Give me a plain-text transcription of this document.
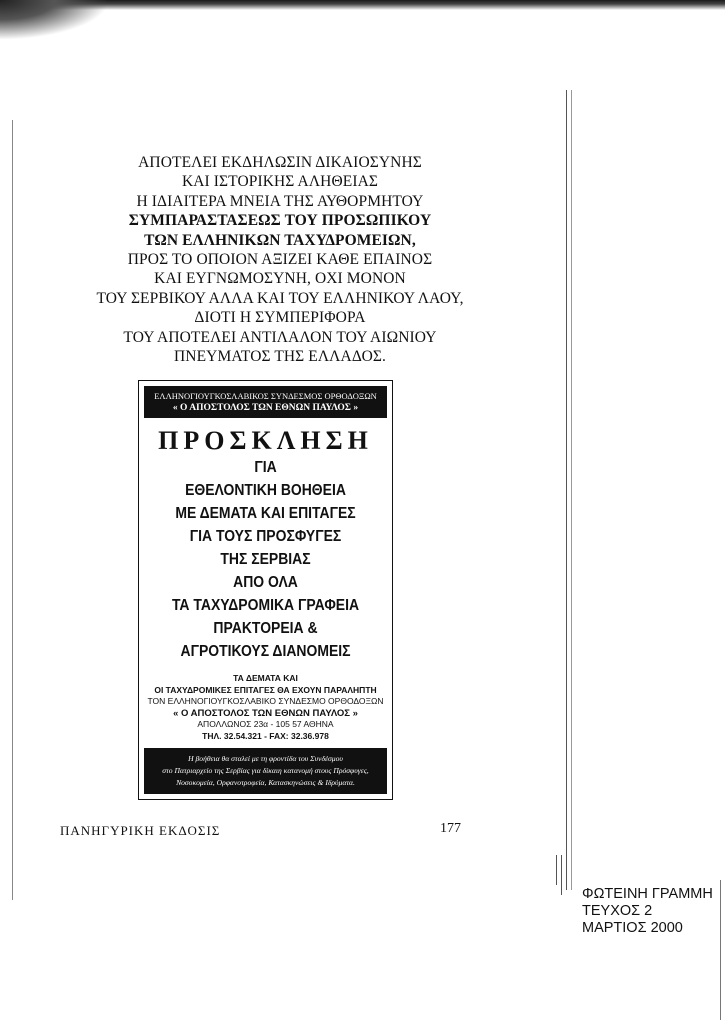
ΑΠΟΤΕΛΕΙ ΕΚΔΗΛΩΣΙΝ ΔΙΚΑΙΟΣΥΝΗΣ
ΚΑΙ ΙΣΤΟΡΙΚΗΣ ΑΛΗΘΕΙΑΣ
Η ΙΔΙΑΙΤΕΡΑ ΜΝΕΙΑ ΤΗΣ ΑΥΘΟΡΜΗΤΟΥ
ΣΥΜΠΑΡΑΣΤΑΣΕΩΣ ΤΟΥ ΠΡΟΣΩΠΙΚΟΥ
ΤΩΝ ΕΛΛΗΝΙΚΩΝ ΤΑΧΥΔΡΟΜΕΙΩΝ,
ΠΡΟΣ ΤΟ ΟΠΟΙΟΝ ΑΞΙΖΕΙ ΚΑΘΕ ΕΠΑΙΝΟΣ
ΚΑΙ ΕΥΓΝΩΜΟΣΥΝΗ, ΟΧΙ ΜΟΝΟΝ
ΤΟΥ ΣΕΡΒΙΚΟΥ ΑΛΛΑ ΚΑΙ ΤΟΥ ΕΛΛΗΝΙΚΟΥ ΛΑΟΥ,
ΔΙΟΤΙ Η ΣΥΜΠΕΡΙΦΟΡΑ
ΤΟΥ ΑΠΟΤΕΛΕΙ ΑΝΤΙΛΑΛΟΝ ΤΟΥ ΑΙΩΝΙΟΥ
ΠΝΕΥΜΑΤΟΣ ΤΗΣ ΕΛΛΑΔΟΣ.
ΕΛΛΗΝΟΓΙΟΥΓΚΟΣΛΑΒΙΚΟΣ ΣΥΝΔΕΣΜΟΣ ΟΡΘΟΔΟΞΩΝ
« Ο ΑΠΟΣΤΟΛΟΣ ΤΩΝ ΕΘΝΩΝ ΠΑΥΛΟΣ »
ΠΡΟΣΚΛΗΣΗ
ΓΙΑ
ΕΘΕΛΟΝΤΙΚΗ ΒΟΗΘΕΙΑ
ΜΕ ΔΕΜΑΤΑ ΚΑΙ ΕΠΙΤΑΓΕΣ
ΓΙΑ ΤΟΥΣ ΠΡΟΣΦΥΓΕΣ
ΤΗΣ ΣΕΡΒΙΑΣ
ΑΠΟ ΟΛΑ
ΤΑ ΤΑΧΥΔΡΟΜΙΚΑ ΓΡΑΦΕΙΑ
ΠΡΑΚΤΟΡΕΙΑ &
ΑΓΡΟΤΙΚΟΥΣ ΔΙΑΝΟΜΕΙΣ
ΤΑ ΔΕΜΑΤΑ ΚΑΙ
ΟΙ ΤΑΧΥΔΡΟΜΙΚΕΣ ΕΠΙΤΑΓΕΣ ΘΑ ΕΧΟΥΝ ΠΑΡΑΛΗΠΤΗ
ΤΟΝ ΕΛΛΗΝΟΓΙΟΥΓΚΟΣΛΑΒΙΚΟ ΣΥΝΔΕΣΜΟ ΟΡΘΟΔΟΞΩΝ
« Ο ΑΠΟΣΤΟΛΟΣ ΤΩΝ ΕΘΝΩΝ ΠΑΥΛΟΣ »
ΑΠΟΛΛΩΝΟΣ 23α - 105 57 ΑΘΗΝΑ
ΤΗΛ. 32.54.321 - FAX: 32.36.978
Η βοήθεια θα σταλεί με τη φροντίδα του Συνδέσμου
στο Πατριαρχείο της Σερβίας για δίκαιη κατανομή στους Πρόσφυγες,
Νοσοκομεία, Ορφανοτροφεία, Κατασκηνώσεις & Ιδρύματα.
ΠΑΝΗΓΥΡΙΚΗ ΕΚΔΟΣΙΣ	177
ΦΩΤΕΙΝΗ ΓΡΑΜΜΗ
ΤΕΥΧΟΣ 2
ΜΑΡΤΙΟΣ 2000
